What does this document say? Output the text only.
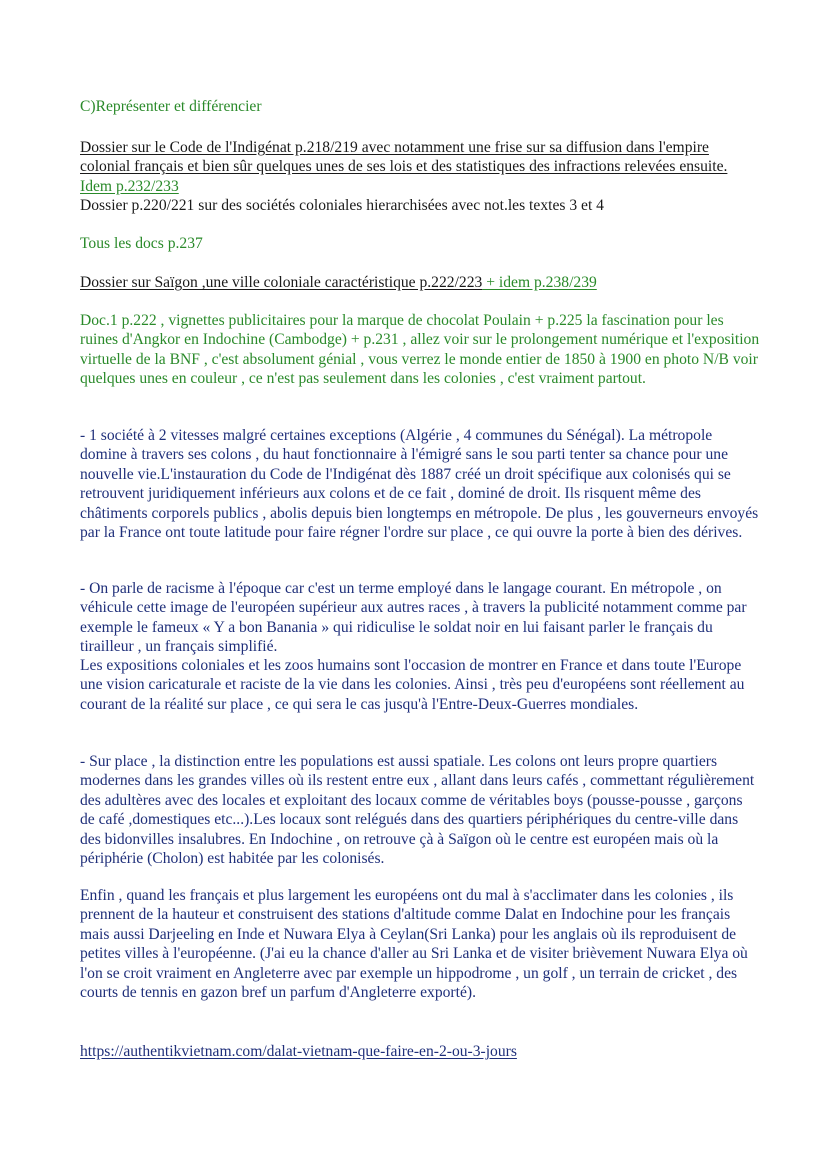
C)Représenter et différencier

Dossier sur le Code de l'Indigénat p.218/219 avec notamment une frise sur sa diffusion dans l'empire colonial français et bien sûr quelques unes de ses lois et des statistiques des infractions relevées ensuite. Idem p.232/233

Dossier p.220/221 sur des sociétés coloniales hierarchisées avec not.les textes 3 et 4

Tous les docs p.237

Dossier sur Saïgon ,une ville coloniale caractéristique p.222/223 + idem p.238/239

Doc.1 p.222 , vignettes publicitaires pour la marque de chocolat Poulain + p.225 la fascination pour les ruines d'Angkor en Indochine (Cambodge) + p.231 , allez voir sur le prolongement numérique et l'exposition virtuelle de la BNF , c'est absolument génial , vous verrez le monde entier de 1850 à 1900 en photo N/B voir quelques unes en couleur , ce n'est pas seulement dans les colonies , c'est vraiment partout.

- 1 société à 2 vitesses malgré certaines exceptions (Algérie , 4 communes du Sénégal). La métropole domine à travers ses colons , du haut fonctionnaire à l'émigré sans le sou parti tenter sa chance pour une nouvelle vie.L'instauration du Code de l'Indigénat dès 1887 créé un droit spécifique aux colonisés qui se retrouvent juridiquement inférieurs aux colons et de ce fait , dominé de droit. Ils risquent même des châtiments corporels publics , abolis depuis bien longtemps en métropole. De plus , les gouverneurs envoyés par la France ont toute latitude pour faire régner l'ordre sur place , ce qui ouvre la porte à bien des dérives.

- On parle de racisme à l'époque car c'est un terme employé dans le langage courant. En métropole , on véhicule cette image de l'européen supérieur aux autres races , à travers la publicité notamment comme par exemple le fameux « Y a bon Banania » qui ridiculise le soldat noir en lui faisant parler le français du tirailleur , un français simplifié.

Les expositions coloniales et les zoos humains sont l'occasion de montrer en France et dans toute l'Europe une vision caricaturale et raciste de la vie dans les colonies. Ainsi , très peu d'européens sont réellement au courant de la réalité sur place , ce qui sera le cas jusqu'à l'Entre-Deux-Guerres mondiales.

- Sur place , la distinction entre les populations est aussi spatiale. Les colons ont leurs propre quartiers modernes dans les grandes villes où ils restent entre eux , allant dans leurs cafés , commettant régulièrement des adultères avec des locales et exploitant des locaux comme de véritables boys (pousse-pousse , garçons de café ,domestiques etc...).Les locaux sont relégués dans des quartiers périphériques du centre-ville dans des bidonvilles insalubres. En Indochine , on retrouve çà à Saïgon où le centre est européen mais où la périphérie (Cholon) est habitée par les colonisés.

Enfin , quand les français et plus largement les européens ont du mal à s'acclimater dans les colonies , ils prennent de la hauteur et construisent des stations d'altitude comme Dalat en Indochine pour les français mais aussi Darjeeling en Inde et Nuwara Elya à Ceylan(Sri Lanka) pour les anglais où ils reproduisent de petites villes à l'européenne. (J'ai eu la chance d'aller au Sri Lanka et de visiter brièvement Nuwara Elya où l'on se croit vraiment en Angleterre avec par exemple un hippodrome , un golf , un terrain de cricket , des courts de tennis en gazon bref un parfum d'Angleterre exporté).

https://authentikvietnam.com/dalat-vietnam-que-faire-en-2-ou-3-jours
